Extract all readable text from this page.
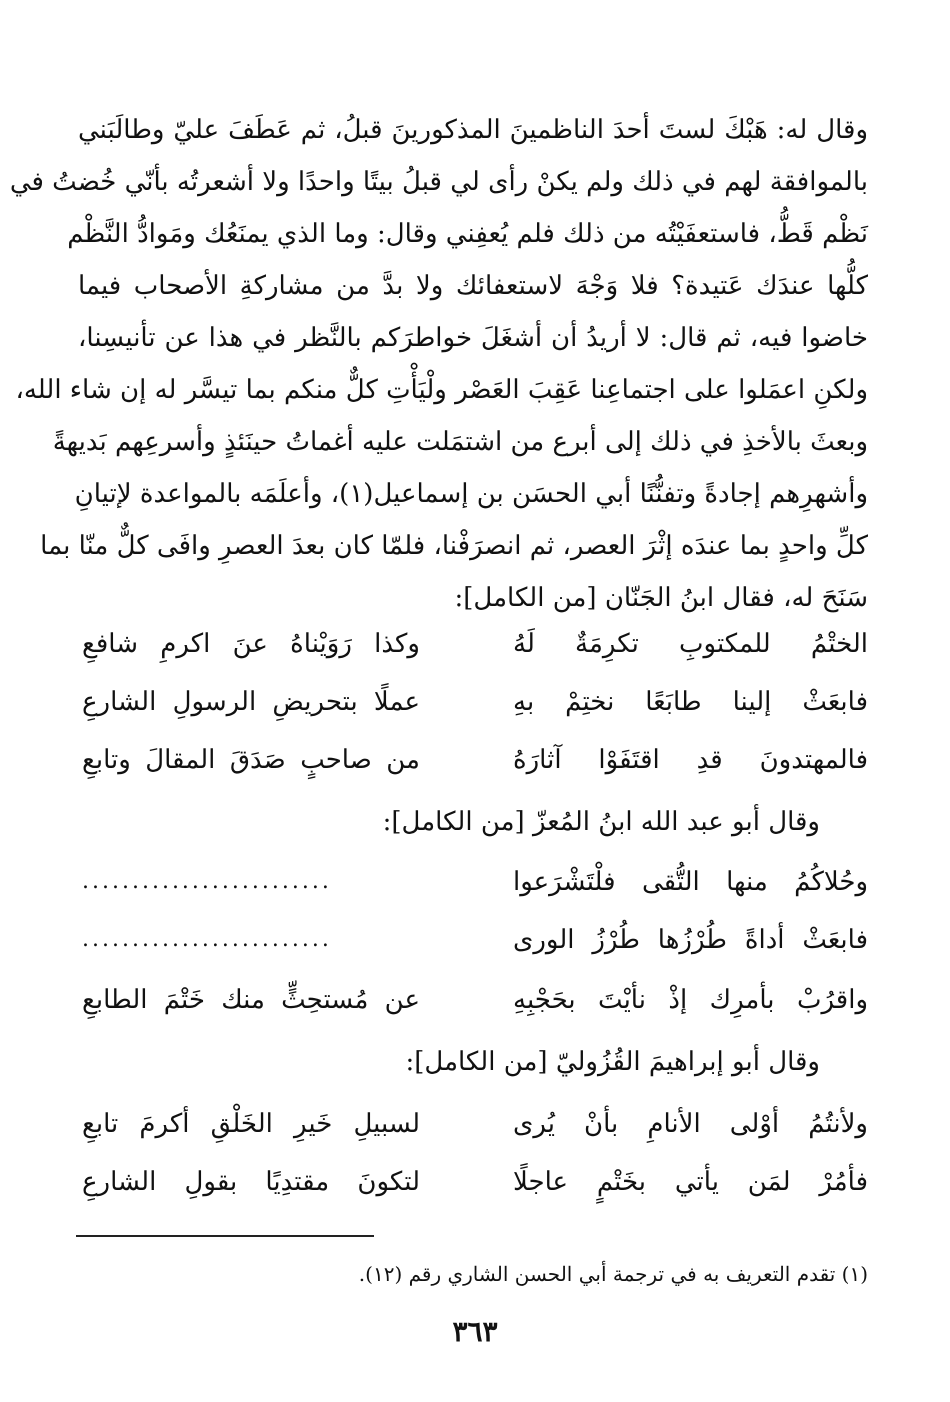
وقال له: هَبْكَ لستَ أحدَ الناظمينَ المذكورينَ قبلُ، ثم عَطَفَ عليّ وطالَبَني
بالموافقة لهم في ذلك ولم يكنْ رأى لي قبلُ بيتًا واحدًا ولا أشعرتُه بأنّي خُضتُ في
نَظْم قَطُّ، فاستعفَيْتُه من ذلك فلم يُعفِني وقال: وما الذي يمنَعُك ومَوادُّ النَّظْم
كلُّها عندَك عَتيدة؟ فلا وَجْهَ لاستعفائك ولا بدَّ من مشاركةِ الأصحاب فيما
خاضوا فيه، ثم قال: لا أريدُ أن أشغَلَ خواطرَكم بالنَّظر في هذا عن تأنيسِنا،
ولكنِ اعمَلوا على اجتماعِنا عَقِبَ العَصْر ولْيَأْتِ كلٌّ منكم بما تيسَّر له إن شاء الله،
وبعثَ بالأخذِ في ذلك إلى أبرع من اشتمَلت عليه أغماتُ حينَئذٍ وأسرعِهم بَديهةً
وأشهرِهم إجادةً وتفنُّنًا أبي الحسَن بن إسماعيل(١)، وأعلَمَه بالمواعدة لإتيانِ
كلِّ واحدٍ بما عندَه إثْرَ العصر، ثم انصرَفْنا، فلمّا كان بعدَ العصرِ وافَى كلٌّ منّا بما
سَنَحَ له، فقال ابنُ الجَنّان [من الكامل]:
الختْمُ للمكتوبِ تكرِمَةٌ لَهُ
وكذا رَوَيْناهُ عنَ اكرمِ شافعِ
فابعَثْ إلينا طابَعًا نختِمْ بهِ
عملًا بتحريضِ الرسولِ الشارعِ
فالمهتدونَ قدِ اقتَفَوْا آثارَهُ
من صاحبٍ صَدَقَ المقالَ وتابعِ
وقال أبو عبد الله ابنُ المُعزّ [من الكامل]:
وحُلاكُمُ منها التُّقى فلْتَشْرَعوا
.........................
فابعَثْ أداةً طُرْزُها طُرْزُ الورى
.........................
واقرُبْ بأمرِك إذْ نأيْتَ بحَجْبِهِ
عن مُستحِثٍّ منك خَتْمَ الطابعِ
وقال أبو إبراهيمَ القُزُوليّ [من الكامل]:
ولأنتُمُ أوْلى الأنامِ بأنْ يُرى
لسبيلِ خَيرِ الخَلْقِ أكرمَ تابعِ
فأمُرْ لمَن يأتي بخَتْمٍ عاجلًا
لتكونَ مقتدِيًا بقولِ الشارعِ
(١) تقدم التعريف به في ترجمة أبي الحسن الشاري رقم (١٢).
٣٦٣
